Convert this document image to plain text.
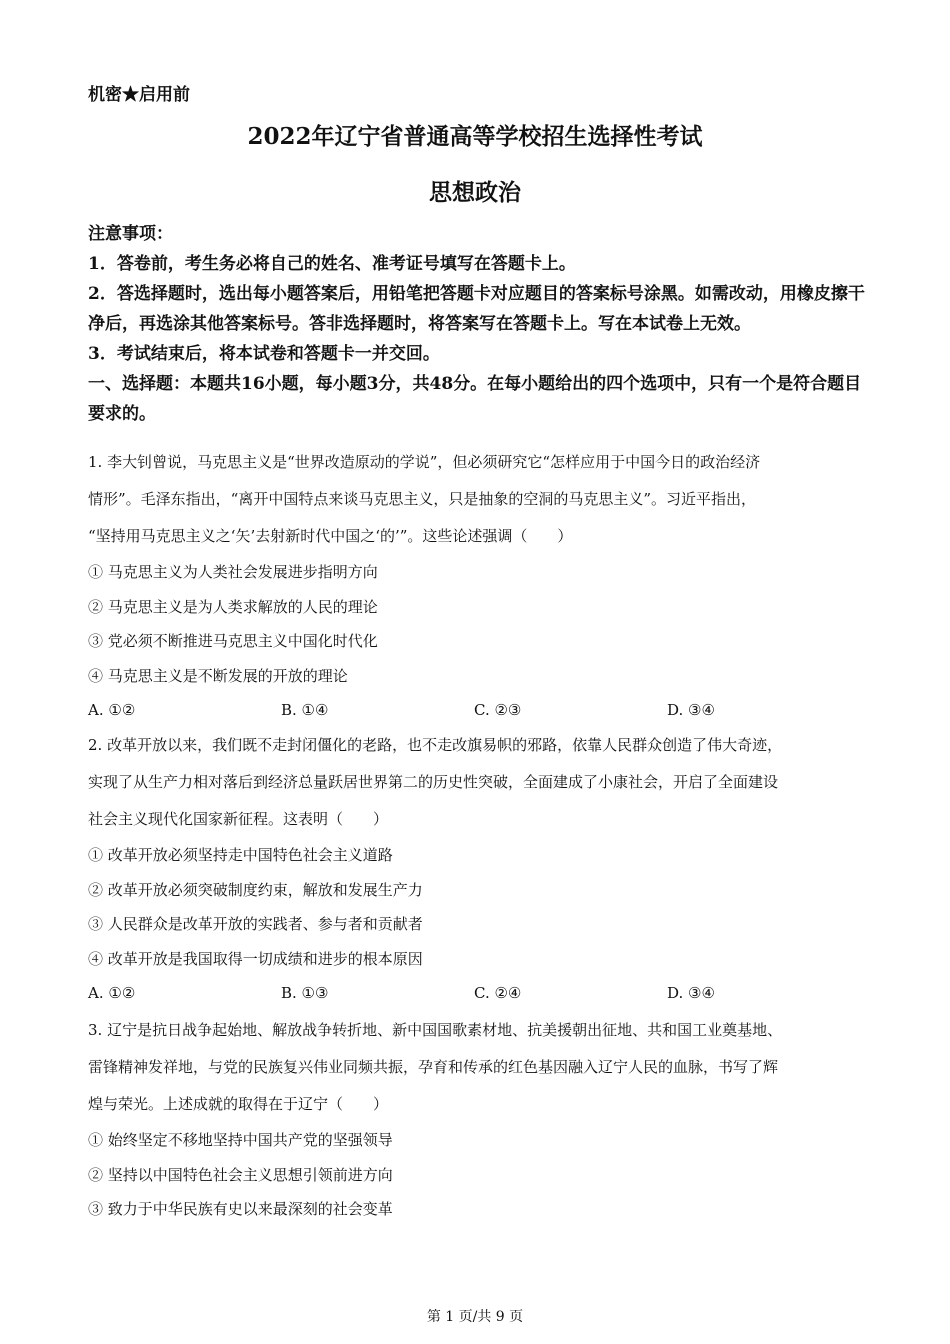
机密★启用前
2022年辽宁省普通高等学校招生选择性考试
思想政治

注意事项：

1．答卷前，考生务必将自己的姓名、准考证号填写在答题卡上。

2．答选择题时，选出每小题答案后，用铅笔把答题卡对应题目的答案标号涂黑。如需改动，用橡皮擦干净后，再选涂其他答案标号。答非选择题时，将答案写在答题卡上。写在本试卷上无效。

3．考试结束后，将本试卷和答题卡一并交回。

一、选择题：本题共16小题，每小题3分，共48分。在每小题给出的四个选项中，只有一个是符合题目要求的。

1. 李大钊曾说，马克思主义是“世界改造原动的学说”，但必须研究它“怎样应用于中国今日的政治经济

情形”。毛泽东指出，“离开中国特点来谈马克思主义，只是抽象的空洞的马克思主义”。习近平指出，

“坚持用马克思主义之‘矢’去射新时代中国之‘的’”。这些论述强调（　　）

① 马克思主义为人类社会发展进步指明方向

② 马克思主义是为人类求解放的人民的理论

③ 党必须不断推进马克思主义中国化时代化

④ 马克思主义是不断发展的开放的理论

A. ①②	B. ①④	C. ②③	D. ③④

2. 改革开放以来，我们既不走封闭僵化的老路，也不走改旗易帜的邪路，依靠人民群众创造了伟大奇迹，

实现了从生产力相对落后到经济总量跃居世界第二的历史性突破，全面建成了小康社会，开启了全面建设

社会主义现代化国家新征程。这表明（　　）

① 改革开放必须坚持走中国特色社会主义道路

② 改革开放必须突破制度约束，解放和发展生产力

③ 人民群众是改革开放的实践者、参与者和贡献者

④ 改革开放是我国取得一切成绩和进步的根本原因

A. ①②	B. ①③	C. ②④	D. ③④

3. 辽宁是抗日战争起始地、解放战争转折地、新中国国歌素材地、抗美援朝出征地、共和国工业奠基地、

雷锋精神发祥地，与党的民族复兴伟业同频共振，孕育和传承的红色基因融入辽宁人民的血脉，书写了辉

煌与荣光。上述成就的取得在于辽宁（　　）

① 始终坚定不移地坚持中国共产党的坚强领导

② 坚持以中国特色社会主义思想引领前进方向

③ 致力于中华民族有史以来最深刻的社会变革

第 1 页/共 9 页
